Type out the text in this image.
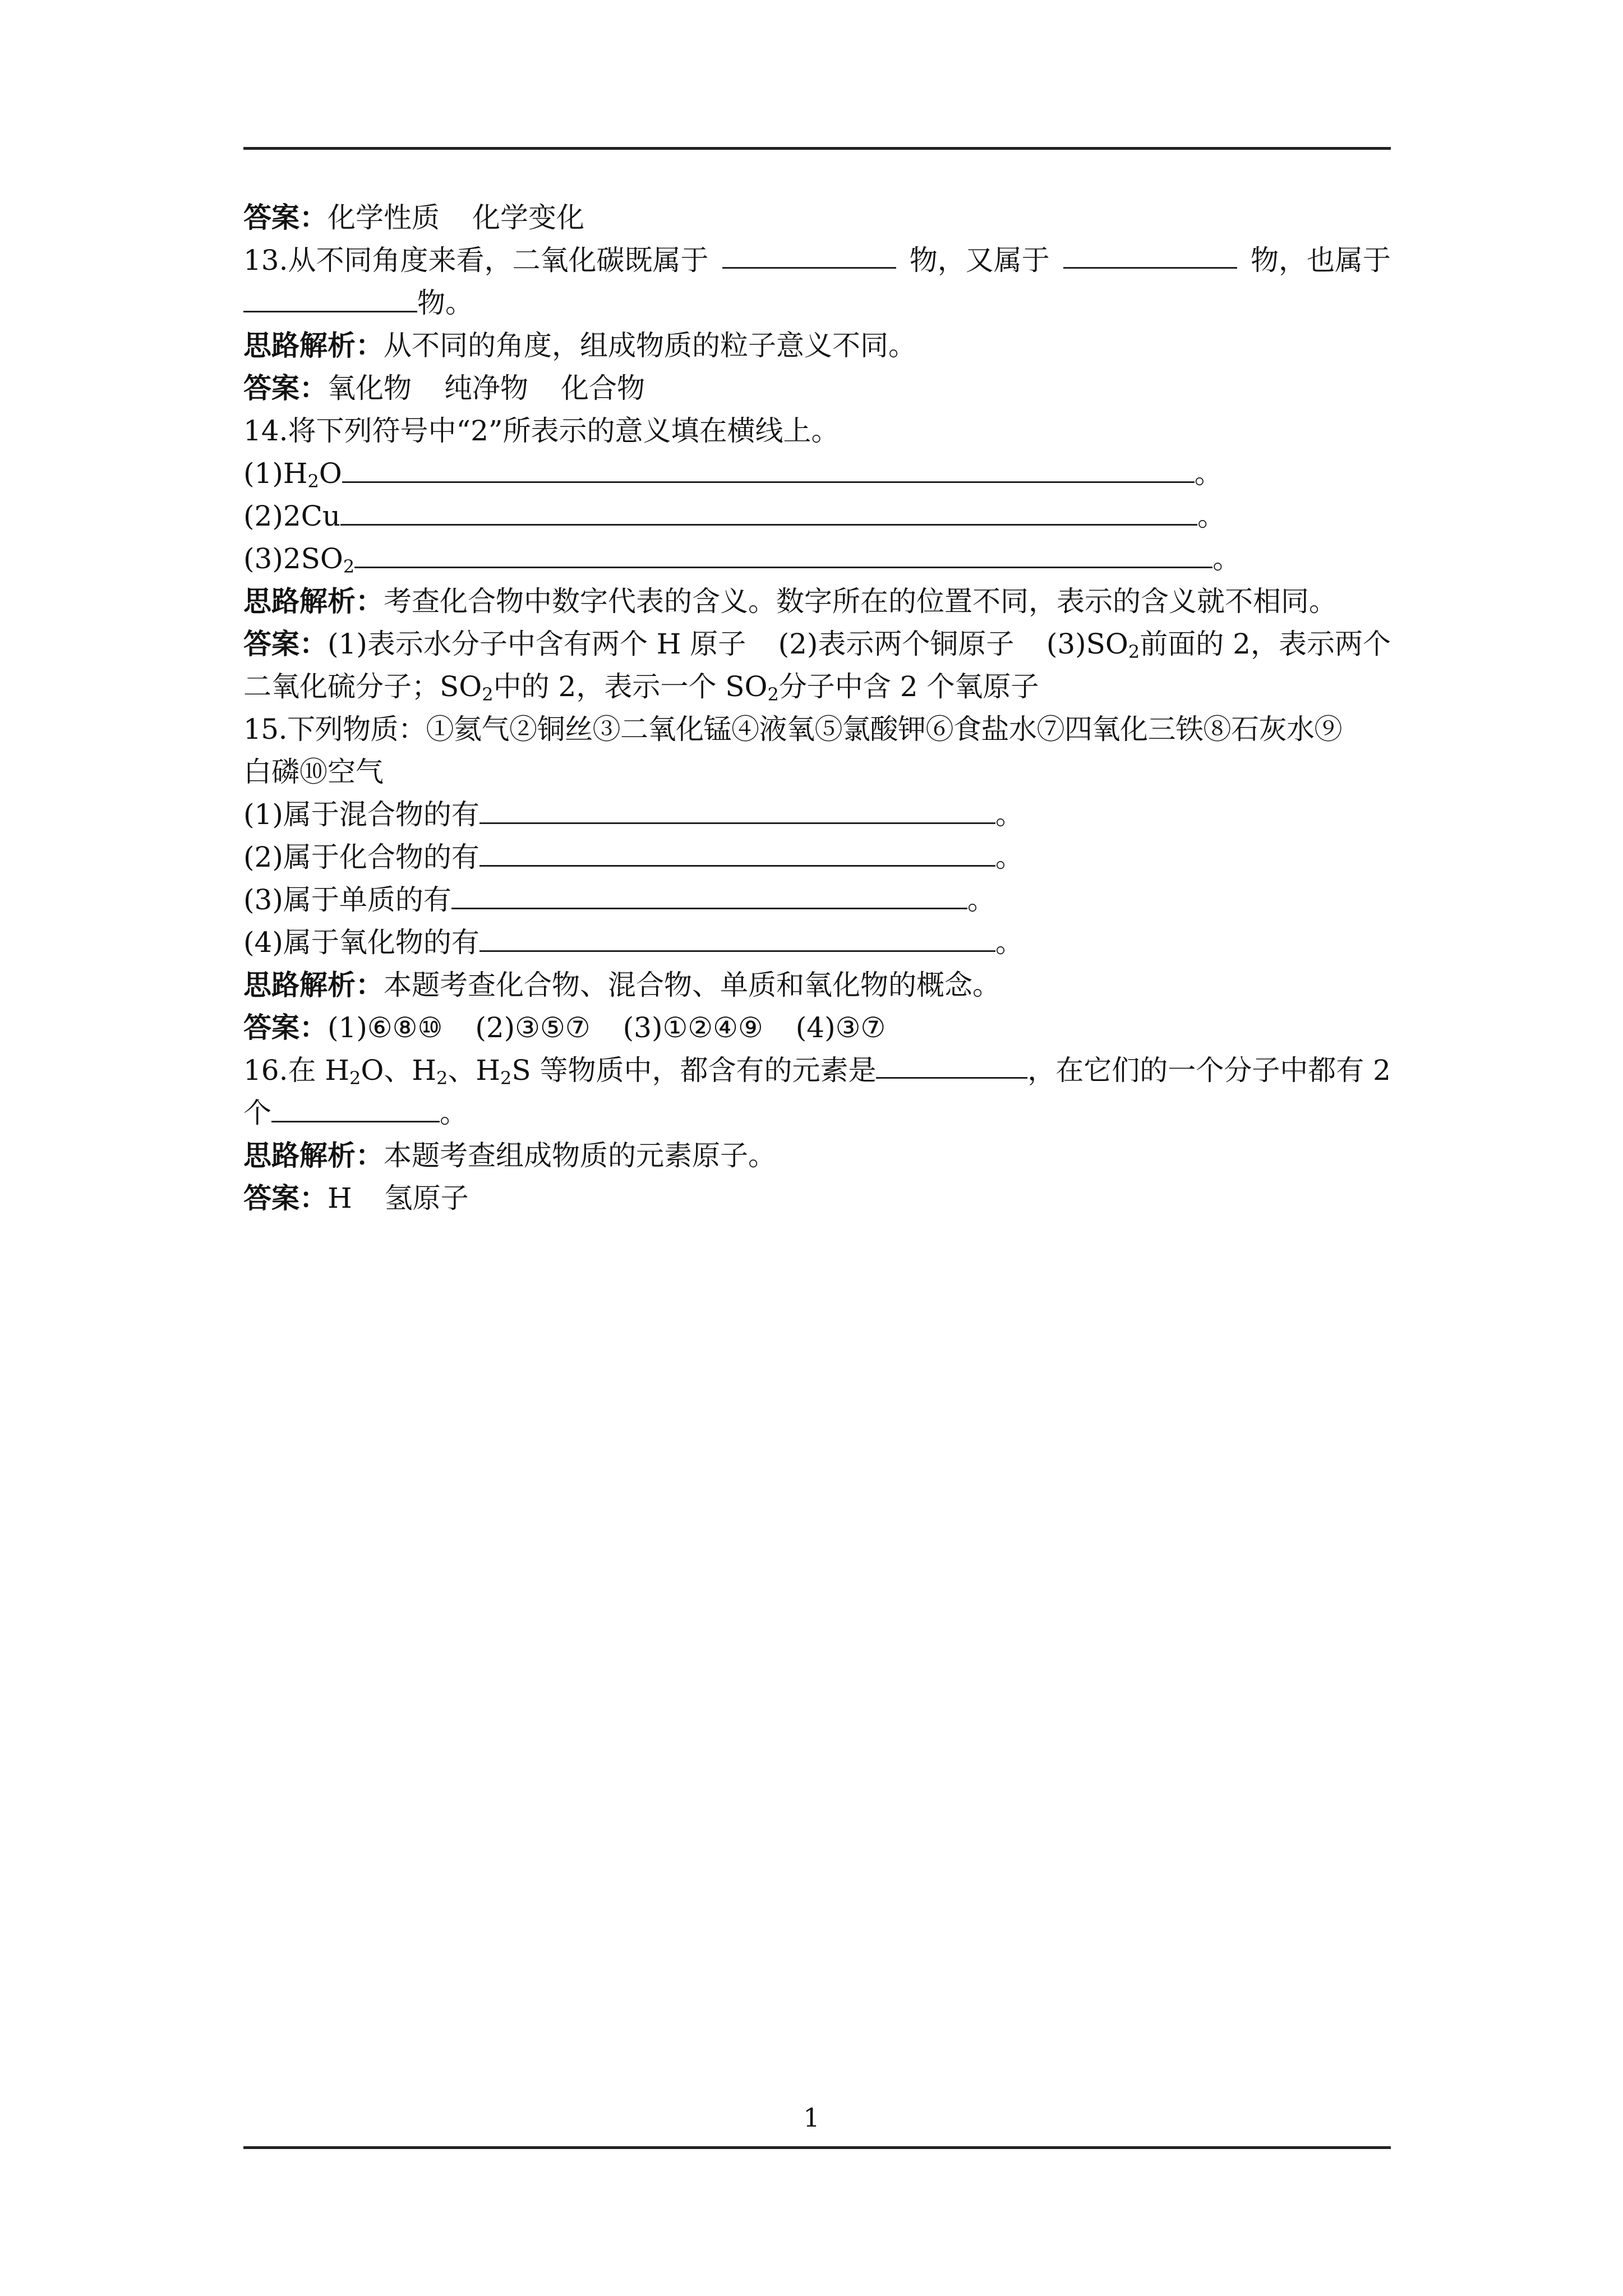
答案：化学性质 化学变化
13.从不同角度来看，二氧化碳既属于	物，又属于	物，也属于
物。
思路解析：从不同的角度，组成物质的粒子意义不同。
答案：氧化物 纯净物 化合物
14.将下列符号中“2”所表示的意义填在横线上。
$(1)H_2O$	。
(2)2Cu	。
$(3)2SO_2$	。
思路解析：考查化合物中数字代表的含义。数字所在的位置不同，表示的含义就不相同。
答案：(1)表示水分子中含有两个 H 原子 (2)表示两个铜原子 $(3)SO_2$前面的 2，表示两个
二氧化硫分子；$SO_2$中的 2，表示一个 $SO_2$分子中含 2 个氧原子
15.下列物质：①氦气②铜丝③二氧化锰④液氧⑤氯酸钾⑥食盐水⑦四氧化三铁⑧石灰水⑨
白磷⑩空气
(1)属于混合物的有	。
(2)属于化合物的有	。
(3)属于单质的有	。
(4)属于氧化物的有	。
思路解析：本题考查化合物、混合物、单质和氧化物的概念。
答案：(1)⑥⑧⑩ (2)③⑤⑦ (3)①②④⑨ (4)③⑦
16.在 $H_2O$、$H_2$、$H_2S$ 等物质中，都含有的元素是	，在它们的一个分子中都有 2
个	。
思路解析：本题考查组成物质的元素原子。
答案：H 氢原子
1
